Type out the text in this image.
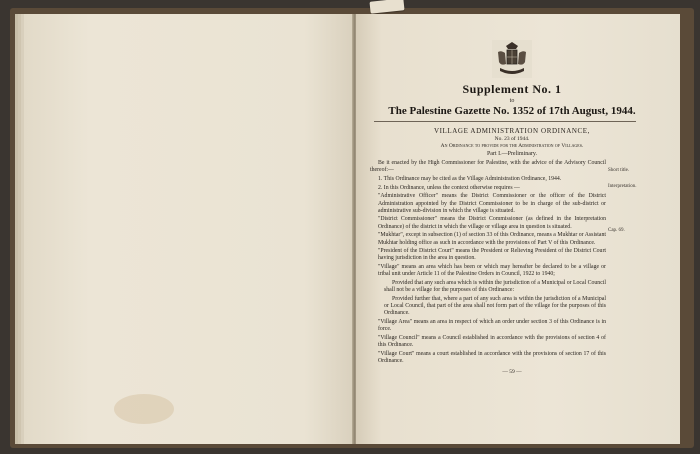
Supplement No. 1
to
The Palestine Gazette No. 1352 of 17th August, 1944.
VILLAGE ADMINISTRATION ORDINANCE,
No. 23 of 1944.
An Ordinance to provide for the Administration of Villages.
Part I.—Preliminary.
Short title.
Interpretation.
Cap. 69.

Be it enacted by the High Commissioner for Palestine, with the advice of the Advisory Council thereof:—

1. This Ordinance may be cited as the Village Administration Ordinance, 1944.

2. In this Ordinance, unless the context otherwise requires —

"Administrative Officer" means the District Commissioner or the officer of the District Administration appointed by the District Commissioner to be in charge of the sub-district or administrative sub-division in which the village is situated.

"District Commissioner" means the District Commissioner (as defined in the Interpretation Ordinance) of the district in which the village or village area in question is situated.

"Mukhtar", except in subsection (1) of section 33 of this Ordinance, means a Mukhtar or Assistant Mukhtar holding office as such in accordance with the provisions of Part V of this Ordinance.

"President of the District Court" means the President or Relieving President of the District Court having jurisdiction in the area in question.

"Village" means an area which has been or which may hereafter be declared to be a village or tribal unit under Article 11 of the Palestine Orders in Council, 1922 to 1940;

Provided that any such area which is within the jurisdiction of a Municipal or Local Council shall not be a village for the purposes of this Ordinance:

Provided further that, where a part of any such area is within the jurisdiction of a Municipal or Local Council, that part of the area shall not form part of the village for the purposes of this Ordinance.

"Village Area" means an area in respect of which an order under section 3 of this Ordinance is in force.

"Village Council" means a Council established in accordance with the provisions of section 4 of this Ordinance.

"Village Court" means a court established in accordance with the provisions of section 17 of this Ordinance.

— 59 —
